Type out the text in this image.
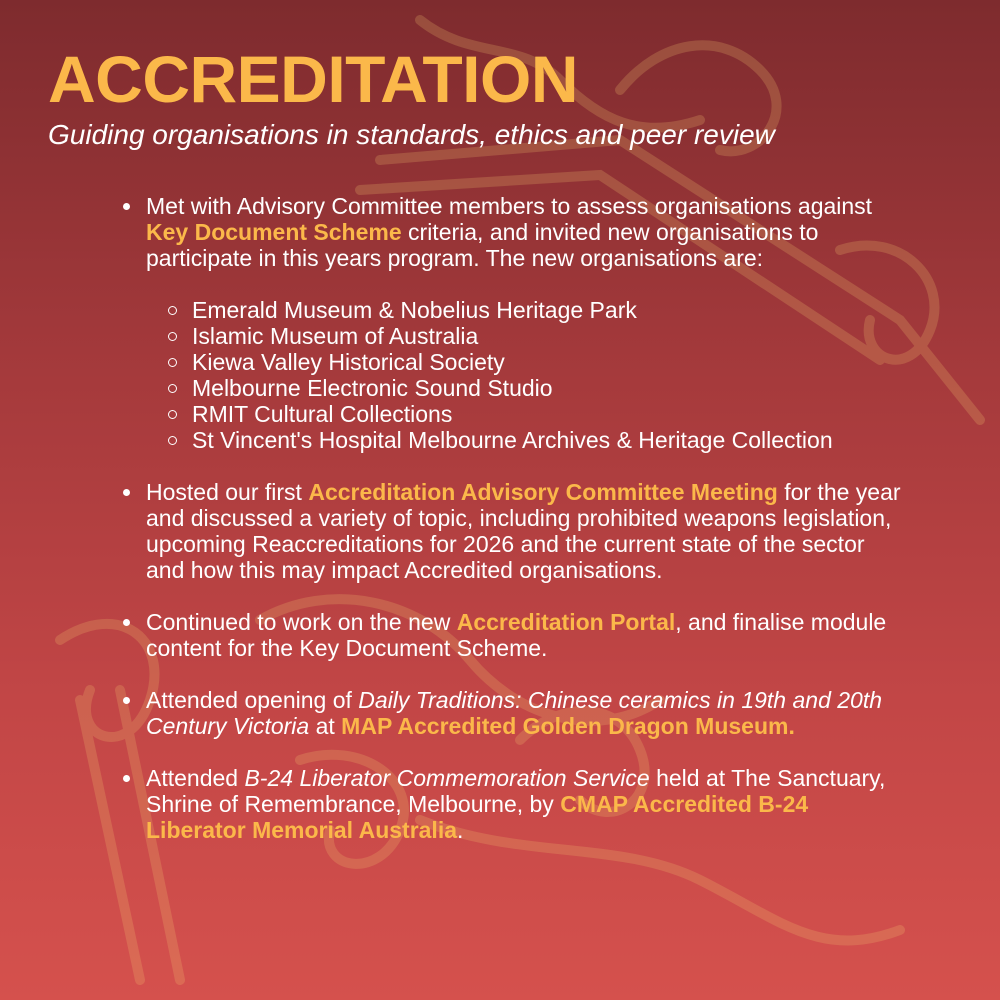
ACCREDITATION

Guiding organisations in standards, ethics and peer review

Met with Advisory Committee members to assess organisations against Key Document Scheme criteria, and invited new organisations to participate in this years program. The new organisations are:
Emerald Museum & Nobelius Heritage Park
Islamic Museum of Australia
Kiewa Valley Historical Society
Melbourne Electronic Sound Studio
RMIT Cultural Collections
St Vincent's Hospital Melbourne Archives & Heritage Collection
Hosted our first Accreditation Advisory Committee Meeting for the year and discussed a variety of topic, including prohibited weapons legislation, upcoming Reaccreditations for 2026 and the current state of the sector and how this may impact Accredited organisations.
Continued to work on the new Accreditation Portal, and finalise module content for the Key Document Scheme.
Attended opening of Daily Traditions: Chinese ceramics in 19th and 20th Century Victoria at MAP Accredited Golden Dragon Museum.
Attended B-24 Liberator Commemoration Service held at The Sanctuary, Shrine of Remembrance, Melbourne, by CMAP Accredited B-24 Liberator Memorial Australia.
